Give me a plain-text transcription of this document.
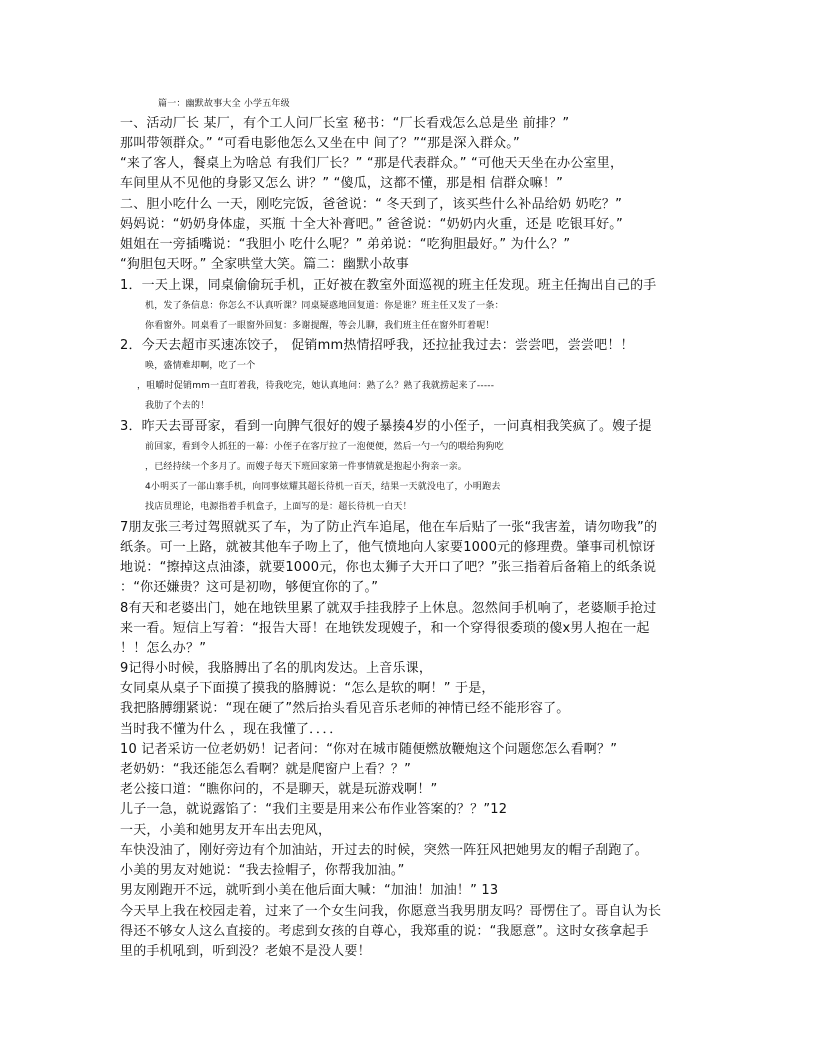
篇一：幽默故事大全 小学五年级
一、活动厂长 某厂，有个工人问厂长室 秘书：“厂长看戏怎么总是坐 前排？”
那叫带领群众。” “可看电影他怎么又坐在中 间了？”“那是深入群众。”
“来了客人，餐桌上为啥总 有我们厂长？” “那是代表群众。” “可他天天坐在办公室里，
车间里从不见他的身影又怎么 讲？” “傻瓜，这都不懂，那是相 信群众嘛！”
二、胆小吃什么 一天，刚吃完饭，爸爸说：“ 冬天到了，该买些什么补品给奶 奶吃？”
妈妈说：“奶奶身体虚，买瓶 十全大补膏吧。” 爸爸说：“奶奶内火重，还是 吃银耳好。”
姐姐在一旁插嘴说：“我胆小 吃什么呢？” 弟弟说：“吃狗胆最好。” 为什么？”
“狗胆包天呀。” 全家哄堂大笑。篇二：幽默小故事
1．一天上课，同桌偷偷玩手机，正好被在教室外面巡视的班主任发现。班主任掏出自己的手
机，发了条信息：你怎么不认真听课？同桌疑惑地回复道：你是谁？班主任又发了一条：
你看窗外。同桌看了一眼窗外回复：多谢提醒，等会儿聊，我们班主任在窗外盯着呢！
2．今天去超市买速冻饺子， 促销mm热情招呼我，还拉扯我过去：尝尝吧，尝尝吧！！
唤，盛情难却啊，吃了一个
，咀嚼时促销mm一直盯着我，待我吃完，她认真地问：熟了么？熟了我就捞起来了-----
我肋了个去的！
3．昨天去哥哥家，看到一向脾气很好的嫂子暴揍4岁的小侄子，一问真相我笑疯了。嫂子提
前回家，看到令人抓狂的一幕：小侄子在客厅拉了一泡便便，然后一勺一勺的喂给狗狗吃
，已经持续一个多月了。而嫂子每天下班回家第一件事情就是抱起小狗亲一亲。
4小明买了一部山寨手机，向同事炫耀其超长待机一百天，结果一天就没电了，小明跑去
找店员理论，电源指着手机盒子，上面写的是：超长待机一白天！
7朋友张三考过驾照就买了车，为了防止汽车追尾，他在车后贴了一张“我害羞，请勿吻我”的
纸条。可一上路，就被其他车子吻上了，他气愤地向人家要1000元的修理费。肇事司机惊讶
地说：“擦掉这点油漆，就要1000元，你也太狮子大开口了吧？”张三指着后备箱上的纸条说
：“你还嫌贵？这可是初吻，够便宜你的了。”
8有天和老婆出门，她在地铁里累了就双手挂我脖子上休息。忽然间手机响了，老婆顺手抢过
来一看。短信上写着：“报告大哥！在地铁发现嫂子，和一个穿得很委琐的傻x男人抱在一起
！！怎么办？”
9记得小时候，我胳膊出了名的肌肉发达。上音乐课，
女同桌从桌子下面摸了摸我的胳膊说：“怎么是软的啊！” 于是，
我把胳膊绷紧说：“现在硬了”然后抬头看见音乐老师的神情已经不能形容了。
当时我不懂为什么 ，现在我懂了．．．．
10 记者采访一位老奶奶！记者问：“你对在城市随便燃放鞭炮这个问题您怎么看啊？”
老奶奶：“我还能怎么看啊？就是爬窗户上看？？”
老公接口道：“瞧你问的，不是聊天，就是玩游戏啊！”
儿子一急，就说露馅了：“我们主要是用来公布作业答案的？？”12
一天，小美和她男友开车出去兜风，
车快没油了，刚好旁边有个加油站，开过去的时候，突然一阵狂风把她男友的帽子刮跑了。
小美的男友对她说：“我去捡帽子，你帮我加油。”
男友刚跑开不远，就听到小美在他后面大喊：“加油！加油！” 13
今天早上我在校园走着，过来了一个女生问我，你愿意当我男朋友吗？哥愣住了。哥自认为长
得还不够女人这么直接的。考虑到女孩的自尊心，我郑重的说：“我愿意”。这时女孩拿起手
里的手机吼到，听到没？老娘不是没人要！
